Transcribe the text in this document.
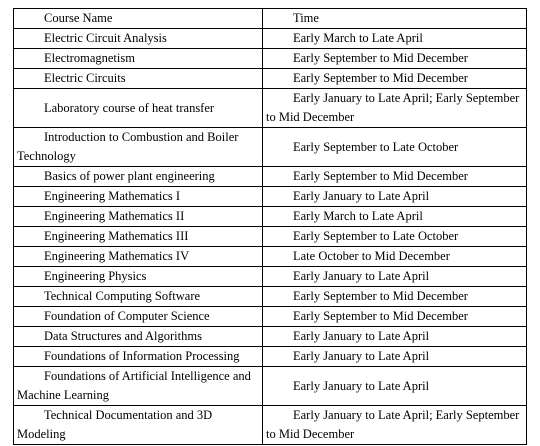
Course Name	Time

Electric Circuit Analysis	Early March to Late April

Electromagnetism	Early September to Mid December

Electric Circuits	Early September to Mid December

Laboratory course of heat transfer	Early January to Late April; Early September to Mid December

Introduction to Combustion and Boiler Technology	Early September to Late October

Basics of power plant engineering	Early September to Mid December

Engineering Mathematics I	Early January to Late April

Engineering Mathematics II	Early March to Late April

Engineering Mathematics III	Early September to Late October

Engineering Mathematics IV	Late October to Mid December

Engineering Physics	Early January to Late April

Technical Computing Software	Early September to Mid December

Foundation of Computer Science	Early September to Mid December

Data Structures and Algorithms	Early January to Late April

Foundations of Information Processing	Early January to Late April

Foundations of Artificial Intelligence and Machine Learning	Early January to Late April

Technical Documentation and 3D Modeling	Early January to Late April; Early September to Mid December
